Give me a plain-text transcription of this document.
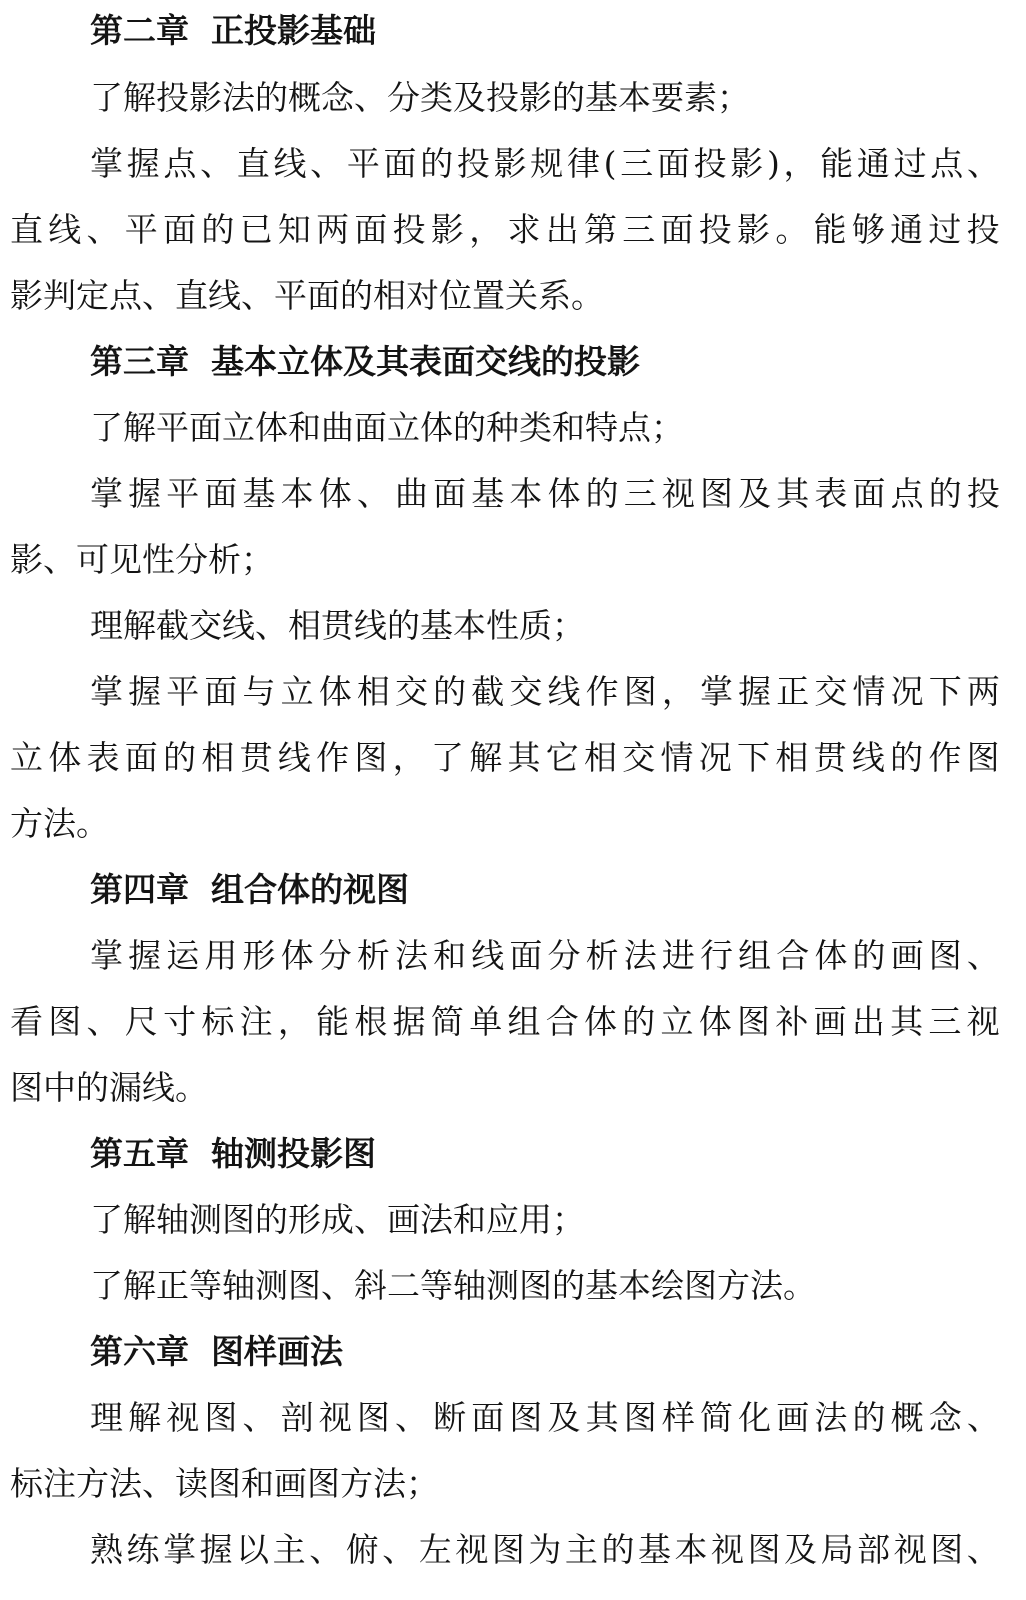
第二章 正投影基础
了解投影法的概念、分类及投影的基本要素；
掌 握 点 、 直 线 、 平 面 的 投 影 规 律 ( 三 面 投 影 ) ， 能 通 过 点 、
直 线 、 平 面 的 已 知 两 面 投 影 ， 求 出 第 三 面 投 影 。 能 够 通 过 投
影判定点、直线、平面的相对位置关系。
第三章 基本立体及其表面交线的投影
了解平面立体和曲面立体的种类和特点；
掌 握 平 面 基 本 体 、 曲 面 基 本 体 的 三 视 图 及 其 表 面 点 的 投
影、可见性分析；
理解截交线、相贯线的基本性质；
掌 握 平 面 与 立 体 相 交 的 截 交 线 作 图 ， 掌 握 正 交 情 况 下 两
立 体 表 面 的 相 贯 线 作 图 ， 了 解 其 它 相 交 情 况 下 相 贯 线 的 作 图
方法。
第四章 组合体的视图
掌 握 运 用 形 体 分 析 法 和 线 面 分 析 法 进 行 组 合 体 的 画 图 、
看 图 、 尺 寸 标 注 ， 能 根 据 简 单 组 合 体 的 立 体 图 补 画 出 其 三 视
图中的漏线。
第五章 轴测投影图
了解轴测图的形成、画法和应用；
了解正等轴测图、斜二等轴测图的基本绘图方法。
第六章 图样画法
理 解 视 图 、 剖 视 图 、 断 面 图 及 其 图 样 简 化 画 法 的 概 念 、
标注方法、读图和画图方法；
熟 练 掌 握 以 主 、 俯 、 左 视 图 为 主 的 基 本 视 图 及 局 部 视 图 、
